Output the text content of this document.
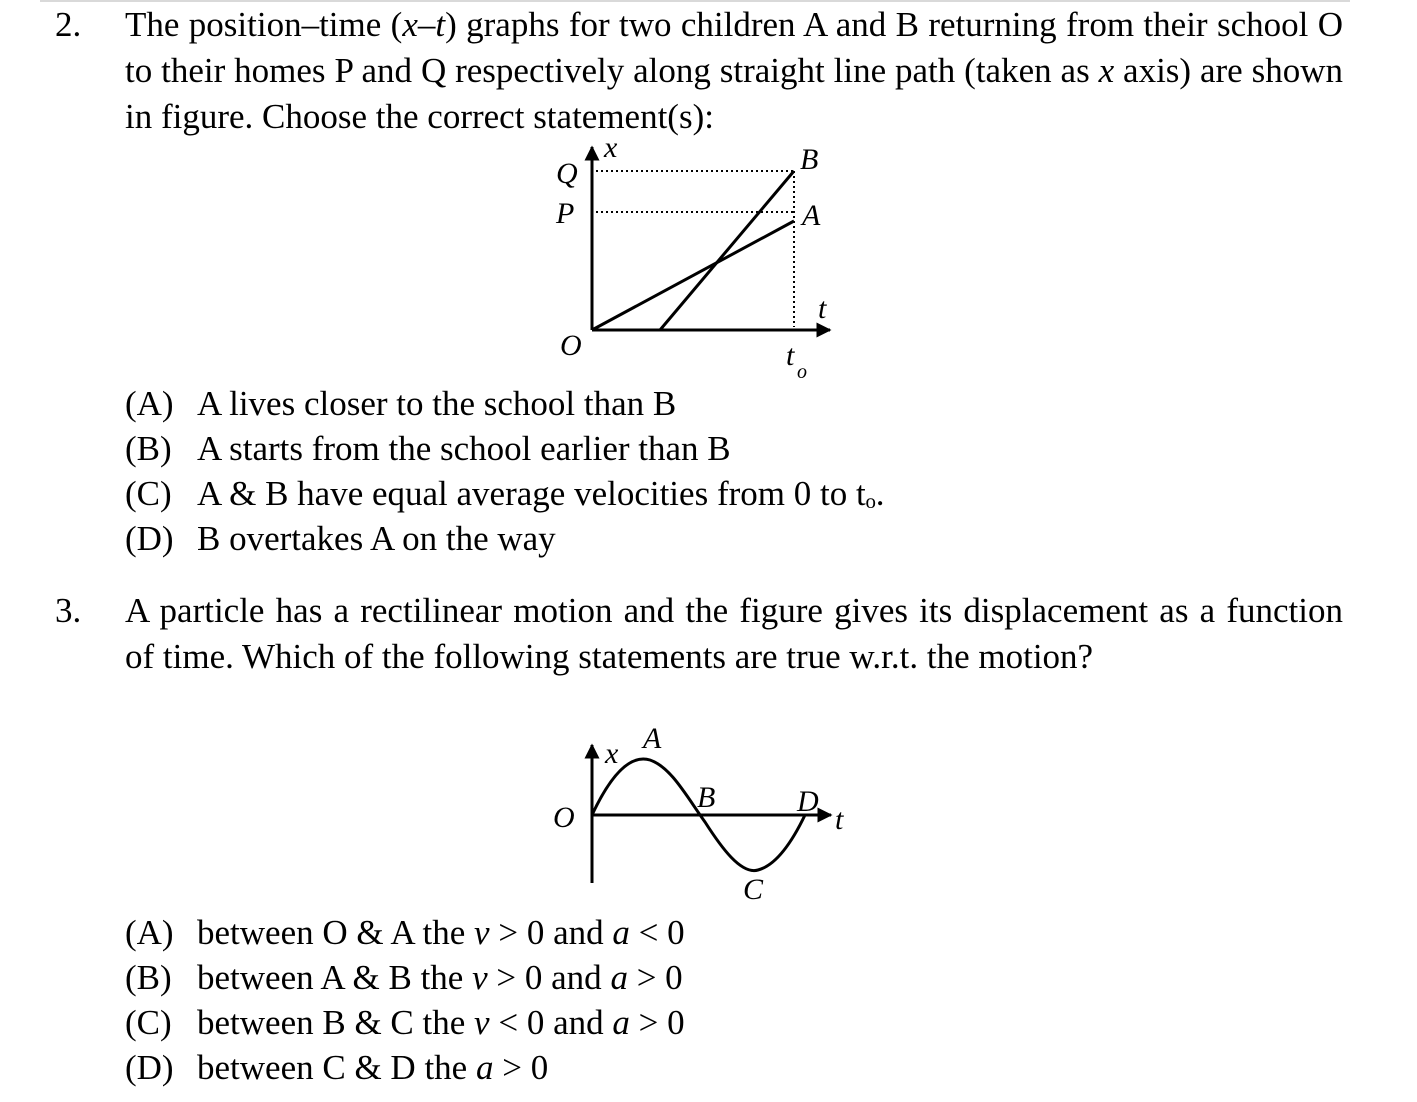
2. The position–time (x–t) graphs for two children A and B returning from their school O to their homes P and Q respectively along straight line path (taken as x axis) are shown in figure. Choose the correct statement(s):
x
Q
P
B
A
t
O	t o
(A) A lives closer to the school than B
(B) A starts from the school earlier than B
(C) A & B have equal average velocities from 0 to tₒ.
(D) B overtakes A on the way
3. A particle has a rectilinear motion and the figure gives its displacement as a function of time. Which of the following statements are true w.r.t. the motion?
x A
B	D
t
O
C
(A) between O & A the v > 0 and a < 0
(B) between A & B the v > 0 and a > 0
(C) between B & C the v < 0 and a > 0
(D) between C & D the a > 0
